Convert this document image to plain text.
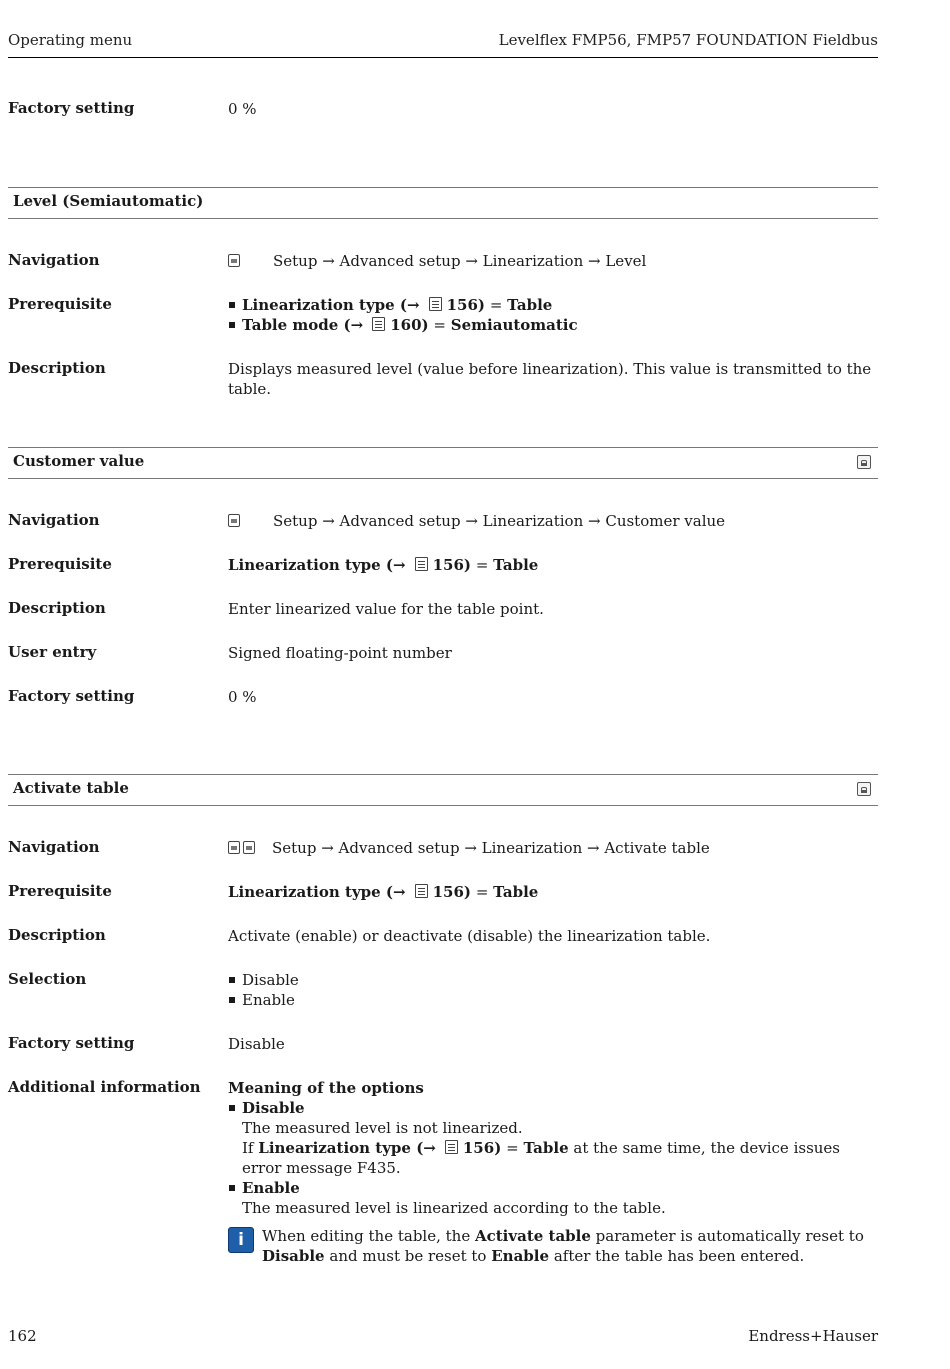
Operating menu	Levelflex FMP56, FMP57 FOUNDATION Fieldbus
Factory setting	0 %
Level (Semiautomatic)
Navigation	Setup → Advanced setup → Linearization → Level
Prerequisite	Linearization type (→ 156) = Table
Table mode (→ 160) = Semiautomatic
Description	Displays measured level (value before linearization). This value is transmitted to the table.
Customer value
Navigation	Setup → Advanced setup → Linearization → Customer value
Prerequisite	Linearization type (→ 156) = Table
Description	Enter linearized value for the table point.
User entry	Signed floating-point number
Factory setting	0 %
Activate table
Navigation	Setup → Advanced setup → Linearization → Activate table
Prerequisite	Linearization type (→ 156) = Table
Description	Activate (enable) or deactivate (disable) the linearization table.
Selection	Disable
Enable
Factory setting	Disable
Additional information Meaning of the options
Disable
The measured level is not linearized.
If Linearization type (→ 156) = Table at the same time, the device issues error message F435.
Enable
The measured level is linearized according to the table.
i	When editing the table, the Activate table parameter is automatically reset to Disable and must be reset to Enable after the table has been entered.
162	Endress+Hauser
